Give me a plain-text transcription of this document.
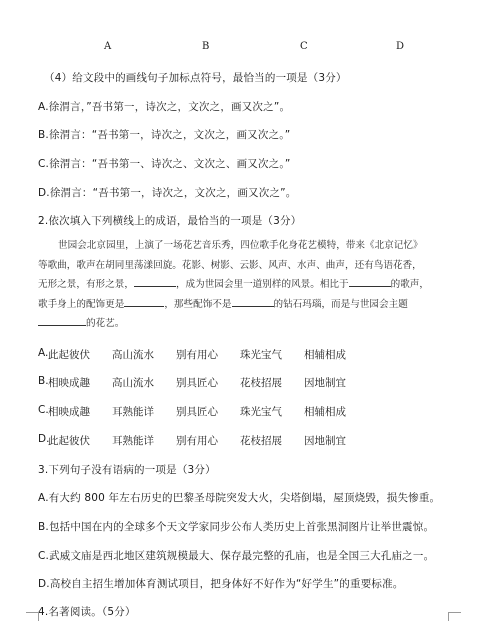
A	B	C	D
（4）给文段中的画线句子加标点符号，最恰当的一项是（3分）
A.徐渭言，”吾书第一，诗次之，文次之，画又次之”。
B.徐渭言：“吾书第一，诗次之，文次之，画又次之。”
C.徐渭言：“吾书第一、诗次之、文次之、画又次之。”
D.徐渭言：“吾书第一，诗次之，文次之，画又次之”。
2.依次填入下列横线上的成语，最恰当的一项是（3分）

世园会北京园里，上演了一场花艺音乐秀，四位歌手化身花艺模特，带来《北京记忆》

等歌曲，歌声在胡同里荡漾回旋。花影、树影、云影、风声、水声、曲声，还有鸟语花香，

无形之景，有形之景，	，成为世园会里一道别样的风景。相比于	的歌声，

歌手身上的配饰更是	，那些配饰不是	的钻石玛瑙，而是与世园会主题

的花艺。

A. 此起彼伏 高山流水 别有用心 珠光宝气 相辅相成
B. 相映成趣 高山流水 别具匠心 花枝招展 因地制宜
C. 相映成趣 耳熟能详 别具匠心 珠光宝气 相辅相成
D.
此起彼伏 耳熟能详 别有用心 花枝招展 因地制宜
3.下列句子没有语病的一项是（3分）
A.有大约 800 年左右历史的巴黎圣母院突发大火，尖塔倒塌，屋顶烧毁，损失惨重。
B.包括中国在内的全球多个天文学家同步公布人类历史上首张黑洞图片让举世震惊。
C.武威文庙是西北地区建筑规模最大、保存最完整的孔庙，也是全国三大孔庙之一。
D.高校自主招生增加体育测试项目，把身体好不好作为“好学生”的重要标准。
4.名著阅读。（5分）
